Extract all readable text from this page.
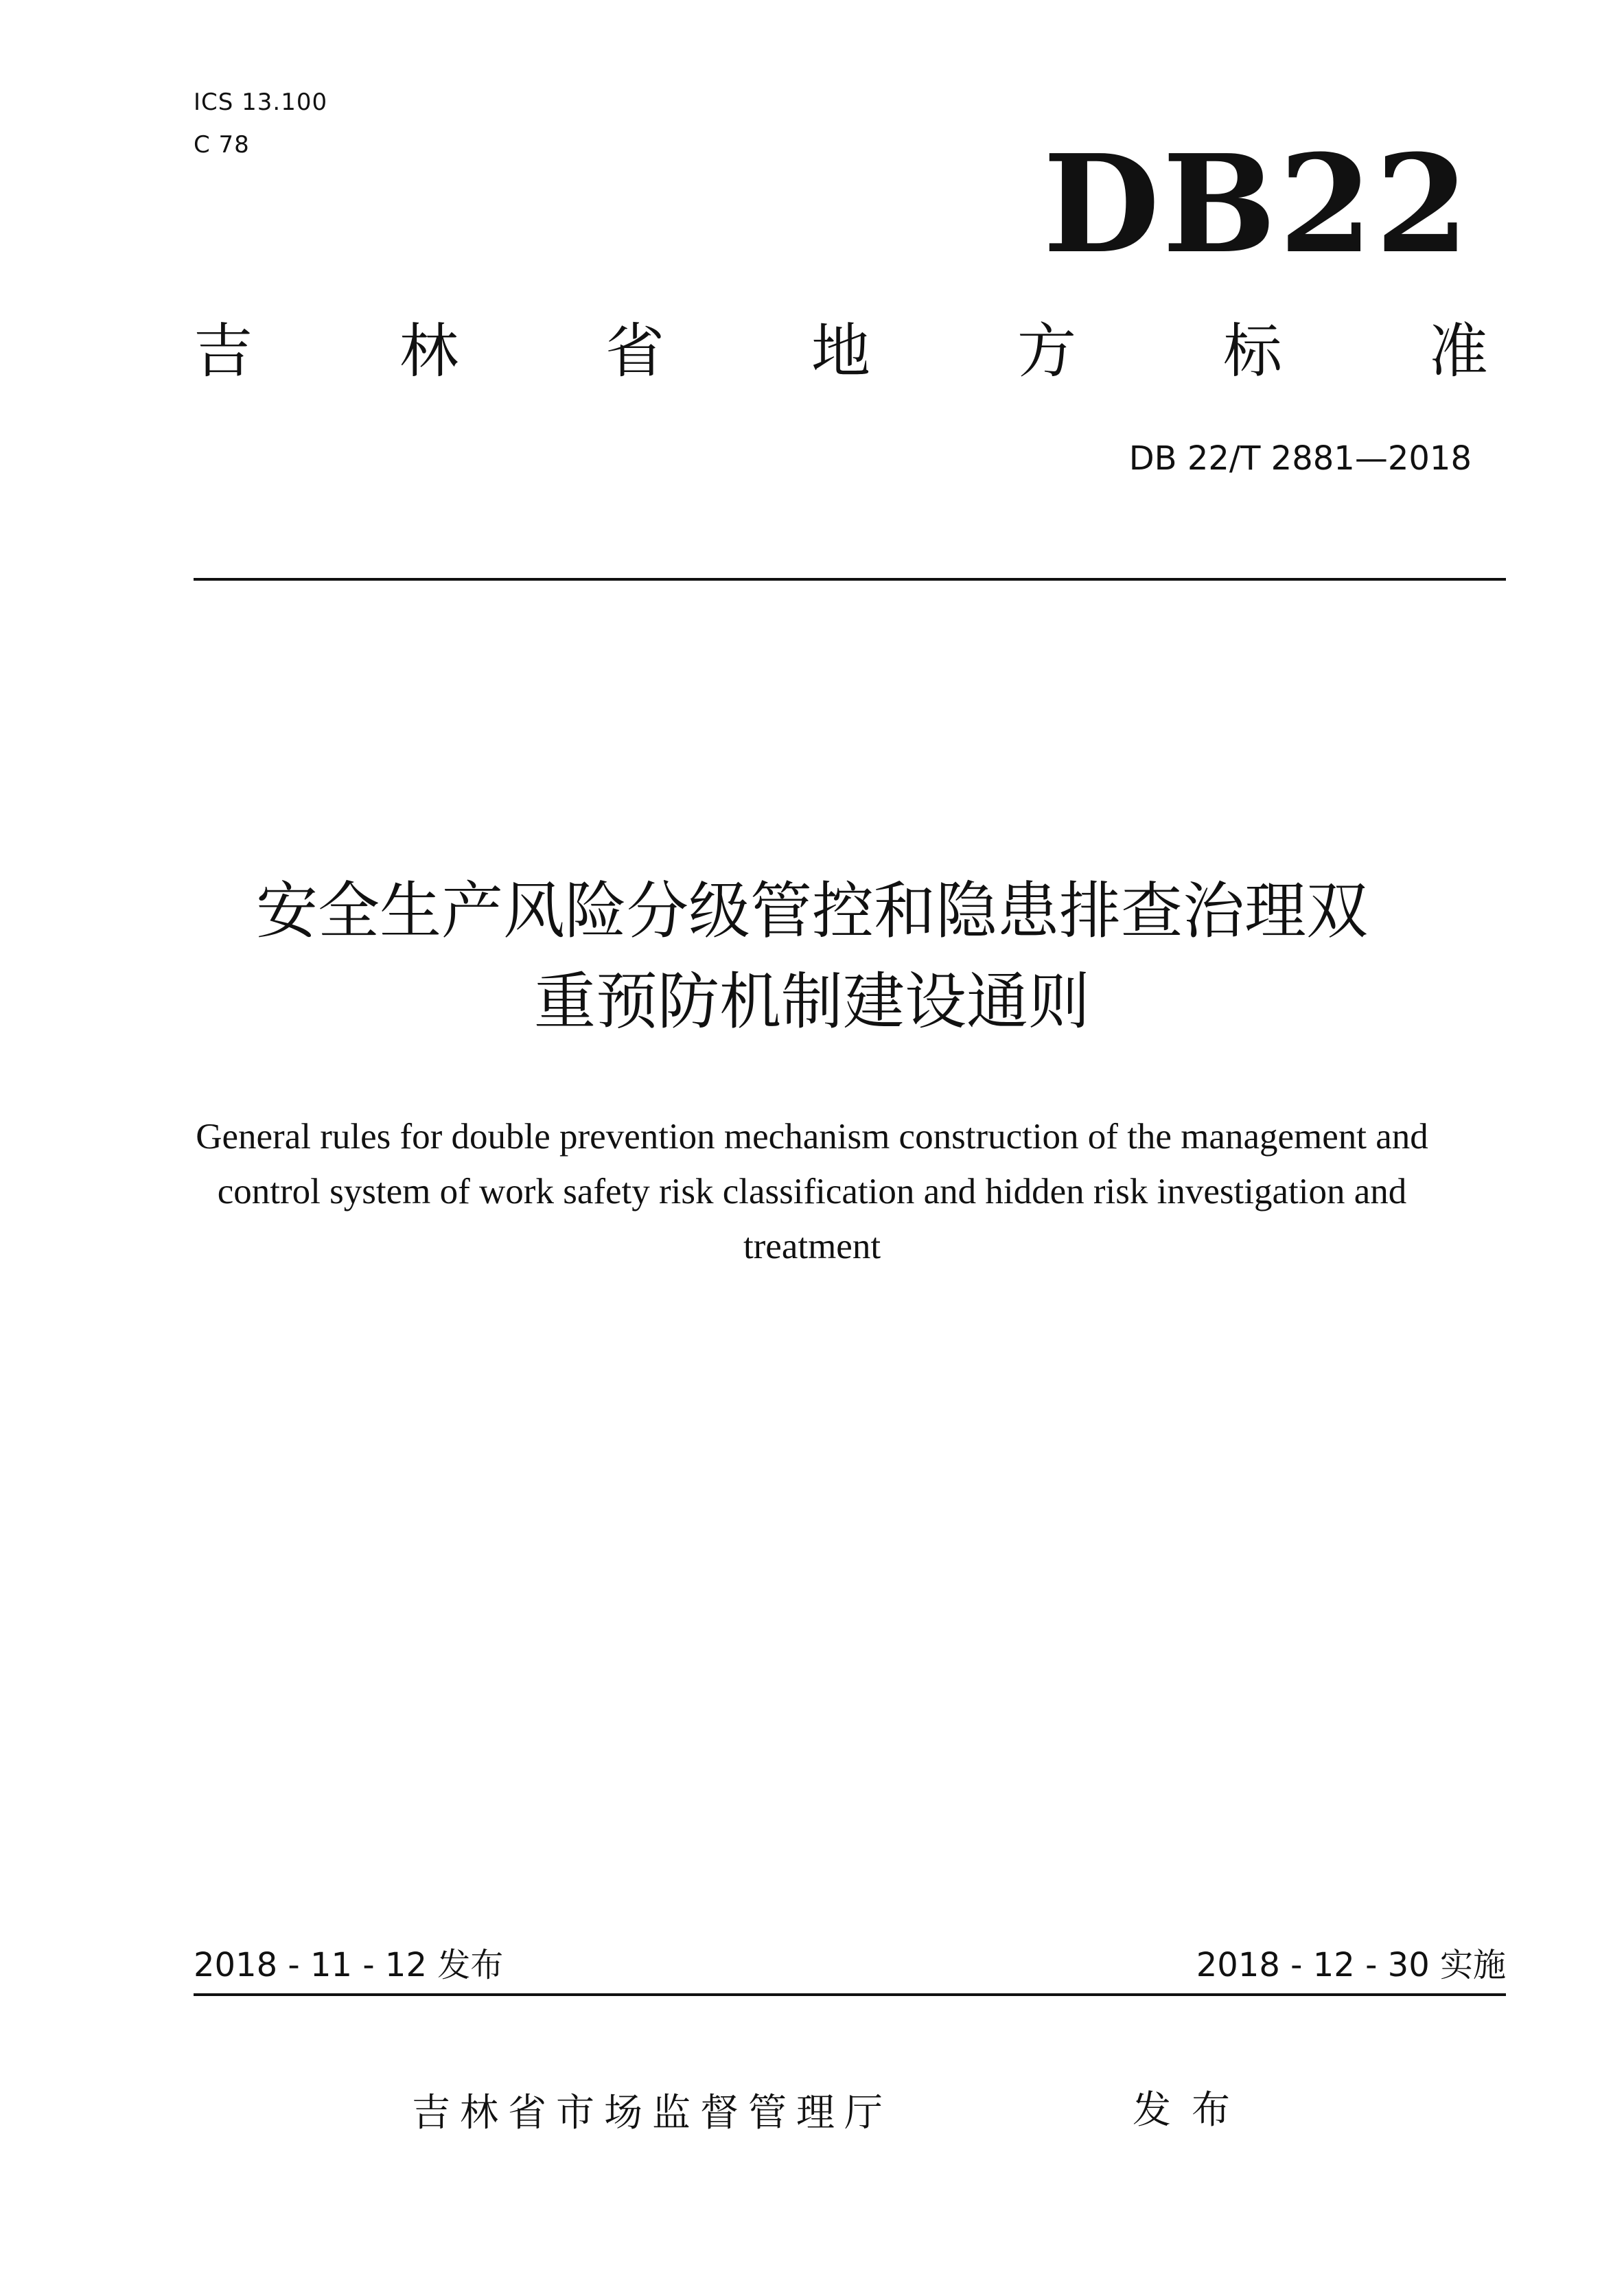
ICS 13.100
C 78	DB22
吉 林 省 地 方 标 准
DB 22/T 2881—2018
安全生产风险分级管控和隐患排查治理双
重预防机制建设通则
General rules for double prevention mechanism construction of the management and
control system of work safety risk classification and hidden risk investigation and
treatment
2018 - 11 - 12 发布	2018 - 12 - 30 实施
吉林省市场监督管理厅	发布
